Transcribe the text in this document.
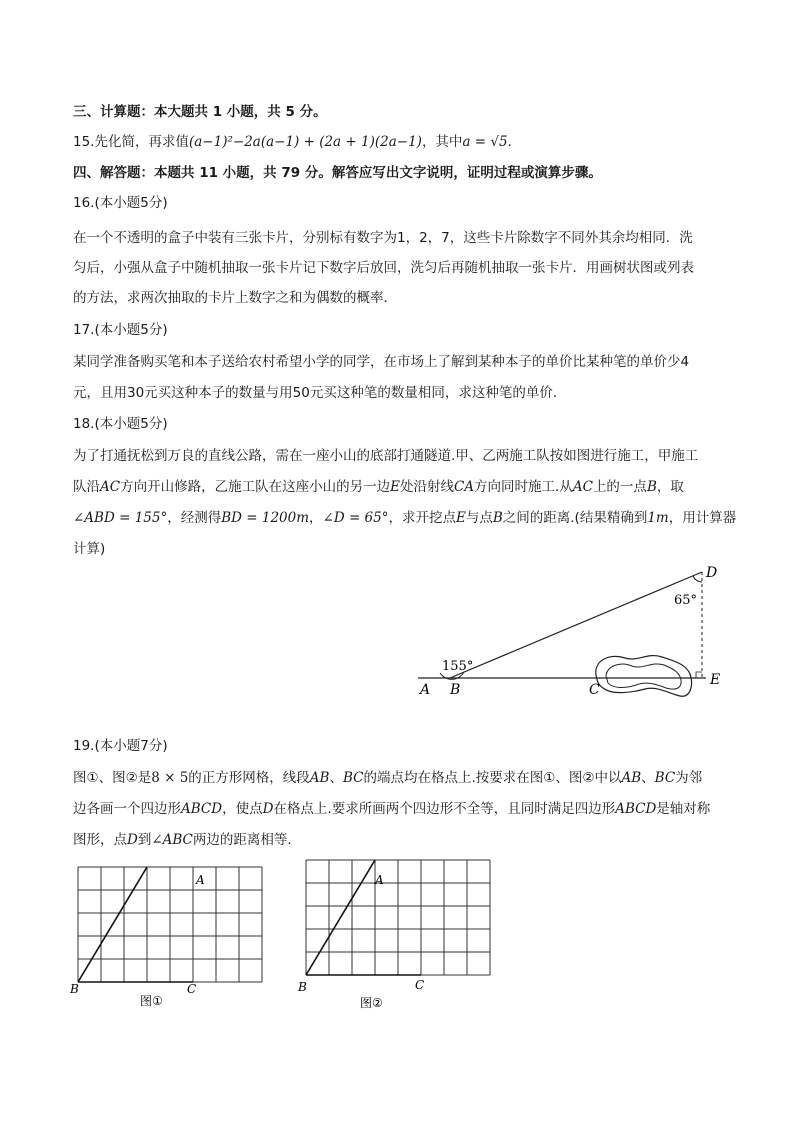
三、计算题：本大题共 1 小题，共 5 分。
15.先化简，再求值(a−1)²−2a(a−1) + (2a + 1)(2a−1)，其中a = √5.
四、解答题：本题共 11 小题，共 79 分。解答应写出文字说明，证明过程或演算步骤。
16.(本小题5分)
在一个不透明的盒子中装有三张卡片，分别标有数字为1，2，7，这些卡片除数字不同外其余均相同．洗
匀后，小强从盒子中随机抽取一张卡片记下数字后放回，洗匀后再随机抽取一张卡片．用画树状图或列表
的方法，求两次抽取的卡片上数字之和为偶数的概率．
17.(本小题5分)
某同学准备购买笔和本子送给农村希望小学的同学，在市场上了解到某种本子的单价比某种笔的单价少4
元，且用30元买这种本子的数量与用50元买这种笔的数量相同，求这种笔的单价．
18.(本小题5分)
为了打通抚松到万良的直线公路，需在一座小山的底部打通隧道.甲、乙两施工队按如图进行施工，甲施工
队沿AC方向开山修路，乙施工队在这座小山的另一边E处沿射线CA方向同时施工.从AC上的一点B，取
∠ABD = 155°，经测得BD = 1200m，∠D = 65°，求开挖点E与点B之间的距离.(结果精确到1m，用计算器
计算)
155°
65°
A B	C
E
D
19.(本小题7分)
图①、图②是8 × 5的正方形网格，线段AB、BC的端点均在格点上.按要求在图①、图②中以AB、BC为邻
边各画一个四边形ABCD，使点D在格点上.要求所画两个四边形不全等，且同时满足四边形ABCD是轴对称
图形，点D到∠ABC两边的距离相等．
A
B	C
图①
A
B	C
图②
